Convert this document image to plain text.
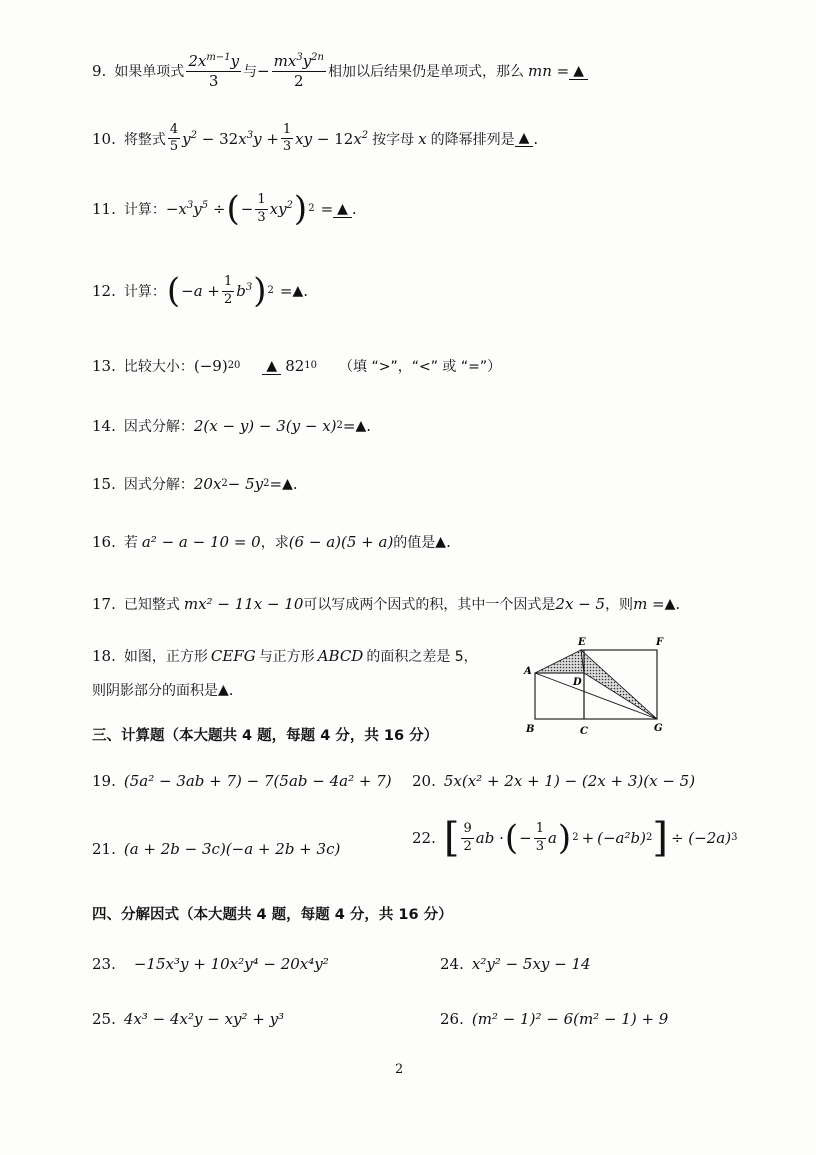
9. 如果单项式 $\frac{2x^{m-1}y}{3}$ 与 − $\frac{mx^3y^{2n}}{2}$ 相加以后结果仍是单项式，那么 mn = ▲
10. 将整式 $\frac{4}{5} y^2 - 32x^3y + \frac{1}{3}$ xy − $12x^2$ 按字母 x 的降幂排列是 ▲ .
11. 计算： $-x^3y^5$ ÷ ( − $\frac{1}{3} xy^2$ ) 2 = ▲ .
12. 计算： ( $-a + \frac{1}{2} b^3$ ) 2 = ▲ .
13. 比较大小： (−9) 20 ▲ 82 10 （填 “>”，“<” 或 “=”）
14. 因式分解： 2(x − y) − 3(y − x) 2 = ▲ .
15. 因式分解： 20x 2 − 5y 2 = ▲ .
16. 若 a² − a − 10 = 0 ，求 (6 − a)(5 + a) 的值是 ▲ .
17. 已知整式 mx² − 11x − 10 可以写成两个因式的积，其中一个因式是 2x − 5 ，则 m = ▲ .
18. 如图，正方形 CEFG 与正方形 ABCD 的面积之差是 5，
则阴影部分的面积是 ▲ .
A
B	C
D
E	F
G
三、计算题（本大题共 4 题，每题 4 分，共 16 分）
19. (5a² − 3ab + 7) − 7(5ab − 4a² + 7) 20. 5x(x² + 2x + 1) − (2x + 3)(x − 5)
21. (a + 2b − 3c)(−a + 2b + 3c)
22. [ $\frac{9}{2}$ ab · ( − $\frac{1}{3}$ a ) 2 + (−a²b) 2 ] ÷ (−2a) 3
四、分解因式（本大题共 4 题，每题 4 分，共 16 分）
23. −15x³y + 10x²y⁴ − 20x⁴y²	24. x²y² − 5xy − 14
25. 4x³ − 4x²y − xy² + y³	26. (m² − 1)² − 6(m² − 1) + 9
2
